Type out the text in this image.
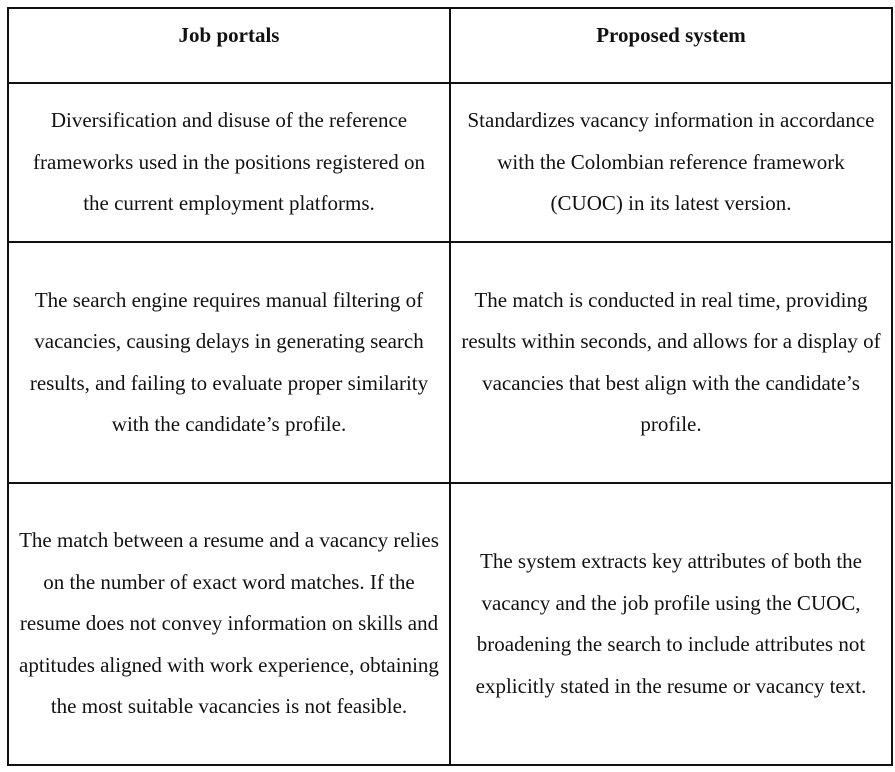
Job portals	Proposed system
Diversification and disuse of the reference frameworks used in the positions registered on the current employment platforms.	Standardizes vacancy information in accordance with the Colombian reference framework (CUOC) in its latest version.
The search engine requires manual filtering of vacancies, causing delays in generating search results, and failing to evaluate proper similarity with the candidate’s profile.	The match is conducted in real time, providing results within seconds, and allows for a display of vacancies that best align with the candidate’s profile.
The match between a resume and a vacancy relies on the number of exact word matches. If the resume does not convey information on skills and aptitudes aligned with work experience, obtaining the most suitable vacancies is not feasible.	The system extracts key attributes of both the vacancy and the job profile using the CUOC, broadening the search to include attributes not explicitly stated in the resume or vacancy text.
